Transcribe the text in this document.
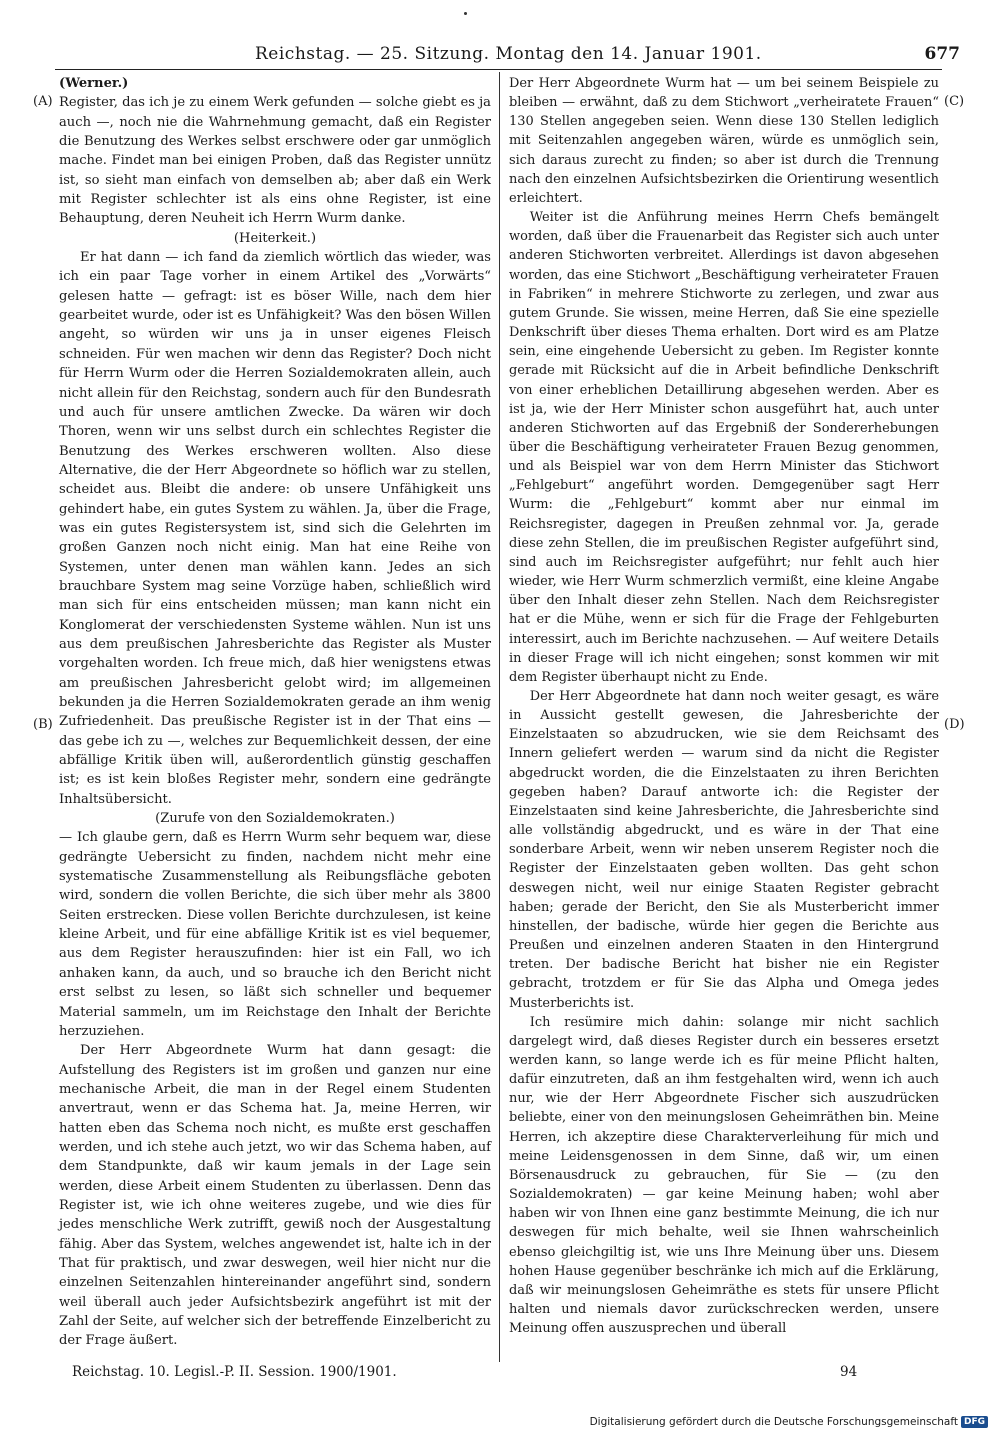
Reichstag. — 25. Sitzung. Montag den 14. Januar 1901.	677
(A)
(B)
(C)
(D)

(Werner.)

Register, das ich je zu einem Werk gefunden — solche giebt es ja auch —, noch nie die Wahrnehmung gemacht, daß ein Register die Benutzung des Werkes selbst erschwere oder gar unmöglich mache. Findet man bei einigen Proben, daß das Register unnütz ist, so sieht man einfach von demselben ab; aber daß ein Werk mit Register schlechter ist als eins ohne Register, ist eine Behauptung, deren Neuheit ich Herrn Wurm danke.

(Heiterkeit.)

Er hat dann — ich fand da ziemlich wörtlich das wieder, was ich ein paar Tage vorher in einem Artikel des „Vorwärts“ gelesen hatte — gefragt: ist es böser Wille, nach dem hier gearbeitet wurde, oder ist es Unfähigkeit? Was den bösen Willen angeht, so würden wir uns ja in unser eigenes Fleisch schneiden. Für wen machen wir denn das Register? Doch nicht für Herrn Wurm oder die Herren Sozialdemokraten allein, auch nicht allein für den Reichstag, sondern auch für den Bundesrath und auch für unsere amtlichen Zwecke. Da wären wir doch Thoren, wenn wir uns selbst durch ein schlechtes Register die Benutzung des Werkes erschweren wollten. Also diese Alternative, die der Herr Abgeordnete so höflich war zu stellen, scheidet aus. Bleibt die andere: ob unsere Unfähigkeit uns gehindert habe, ein gutes System zu wählen. Ja, über die Frage, was ein gutes Registersystem ist, sind sich die Gelehrten im großen Ganzen noch nicht einig. Man hat eine Reihe von Systemen, unter denen man wählen kann. Jedes an sich brauchbare System mag seine Vorzüge haben, schließlich wird man sich für eins entscheiden müssen; man kann nicht ein Konglomerat der verschiedensten Systeme wählen. Nun ist uns aus dem preußischen Jahresberichte das Register als Muster vorgehalten worden. Ich freue mich, daß hier wenigstens etwas am preußischen Jahresbericht gelobt wird; im allgemeinen bekunden ja die Herren Sozialdemokraten gerade an ihm wenig Zufriedenheit. Das preußische Register ist in der That eins — das gebe ich zu —, welches zur Bequemlichkeit dessen, der eine abfällige Kritik üben will, außerordentlich günstig geschaffen ist; es ist kein bloßes Register mehr, sondern eine gedrängte Inhaltsübersicht.

(Zurufe von den Sozialdemokraten.)

— Ich glaube gern, daß es Herrn Wurm sehr bequem war, diese gedrängte Uebersicht zu finden, nachdem nicht mehr eine systematische Zusammenstellung als Reibungsfläche geboten wird, sondern die vollen Berichte, die sich über mehr als 3800 Seiten erstrecken. Diese vollen Berichte durchzulesen, ist keine kleine Arbeit, und für eine abfällige Kritik ist es viel bequemer, aus dem Register herauszufinden: hier ist ein Fall, wo ich anhaken kann, da auch, und so brauche ich den Bericht nicht erst selbst zu lesen, so läßt sich schneller und bequemer Material sammeln, um im Reichstage den Inhalt der Berichte herzuziehen.

Der Herr Abgeordnete Wurm hat dann gesagt: die Aufstellung des Registers ist im großen und ganzen nur eine mechanische Arbeit, die man in der Regel einem Studenten anvertraut, wenn er das Schema hat. Ja, meine Herren, wir hatten eben das Schema noch nicht, es mußte erst geschaffen werden, und ich stehe auch jetzt, wo wir das Schema haben, auf dem Standpunkte, daß wir kaum jemals in der Lage sein werden, diese Arbeit einem Studenten zu überlassen. Denn das Register ist, wie ich ohne weiteres zugebe, und wie dies für jedes menschliche Werk zutrifft, gewiß noch der Ausgestaltung fähig. Aber das System, welches angewendet ist, halte ich in der That für praktisch, und zwar deswegen, weil hier nicht nur die einzelnen Seitenzahlen hintereinander angeführt sind, sondern weil überall auch jeder Aufsichtsbezirk angeführt ist mit der Zahl der Seite, auf welcher sich der betreffende Einzelbericht zu der Frage äußert.

Der Herr Abgeordnete Wurm hat — um bei seinem Beispiele zu bleiben — erwähnt, daß zu dem Stichwort „verheiratete Frauen“ 130 Stellen angegeben seien. Wenn diese 130 Stellen lediglich mit Seitenzahlen angegeben wären, würde es unmöglich sein, sich daraus zurecht zu finden; so aber ist durch die Trennung nach den einzelnen Aufsichtsbezirken die Orientirung wesentlich erleichtert.

Weiter ist die Anführung meines Herrn Chefs bemängelt worden, daß über die Frauenarbeit das Register sich auch unter anderen Stichworten verbreitet. Allerdings ist davon abgesehen worden, das eine Stichwort „Beschäftigung verheirateter Frauen in Fabriken“ in mehrere Stichworte zu zerlegen, und zwar aus gutem Grunde. Sie wissen, meine Herren, daß Sie eine spezielle Denkschrift über dieses Thema erhalten. Dort wird es am Platze sein, eine eingehende Uebersicht zu geben. Im Register konnte gerade mit Rücksicht auf die in Arbeit befindliche Denkschrift von einer erheblichen Detaillirung abgesehen werden. Aber es ist ja, wie der Herr Minister schon ausgeführt hat, auch unter anderen Stichworten auf das Ergebniß der Sondererhebungen über die Beschäftigung verheirateter Frauen Bezug genommen, und als Beispiel war von dem Herrn Minister das Stichwort „Fehlgeburt“ angeführt worden. Demgegenüber sagt Herr Wurm: die „Fehlgeburt“ kommt aber nur einmal im Reichsregister, dagegen in Preußen zehnmal vor. Ja, gerade diese zehn Stellen, die im preußischen Register aufgeführt sind, sind auch im Reichsregister aufgeführt; nur fehlt auch hier wieder, wie Herr Wurm schmerzlich vermißt, eine kleine Angabe über den Inhalt dieser zehn Stellen. Nach dem Reichsregister hat er die Mühe, wenn er sich für die Frage der Fehlgeburten interessirt, auch im Berichte nachzusehen. — Auf weitere Details in dieser Frage will ich nicht eingehen; sonst kommen wir mit dem Register überhaupt nicht zu Ende.

Der Herr Abgeordnete hat dann noch weiter gesagt, es wäre in Aussicht gestellt gewesen, die Jahresberichte der Einzelstaaten so abzudrucken, wie sie dem Reichsamt des Innern geliefert werden — warum sind da nicht die Register abgedruckt worden, die die Einzelstaaten zu ihren Berichten gegeben haben? Darauf antworte ich: die Register der Einzelstaaten sind keine Jahresberichte, die Jahresberichte sind alle vollständig abgedruckt, und es wäre in der That eine sonderbare Arbeit, wenn wir neben unserem Register noch die Register der Einzelstaaten geben wollten. Das geht schon deswegen nicht, weil nur einige Staaten Register gebracht haben; gerade der Bericht, den Sie als Musterbericht immer hinstellen, der badische, würde hier gegen die Berichte aus Preußen und einzelnen anderen Staaten in den Hintergrund treten. Der badische Bericht hat bisher nie ein Register gebracht, trotzdem er für Sie das Alpha und Omega jedes Musterberichts ist.

Ich resümire mich dahin: solange mir nicht sachlich dargelegt wird, daß dieses Register durch ein besseres ersetzt werden kann, so lange werde ich es für meine Pflicht halten, dafür einzutreten, daß an ihm festgehalten wird, wenn ich auch nur, wie der Herr Abgeordnete Fischer sich auszudrücken beliebte, einer von den meinungslosen Geheimräthen bin. Meine Herren, ich akzeptire diese Charakterverleihung für mich und meine Leidensgenossen in dem Sinne, daß wir, um einen Börsenausdruck zu gebrauchen, für Sie — (zu den Sozialdemokraten) — gar keine Meinung haben; wohl aber haben wir von Ihnen eine ganz bestimmte Meinung, die ich nur deswegen für mich behalte, weil sie Ihnen wahrscheinlich ebenso gleichgiltig ist, wie uns Ihre Meinung über uns. Diesem hohen Hause gegenüber beschränke ich mich auf die Erklärung, daß wir meinungslosen Geheimräthe es stets für unsere Pflicht halten und niemals davor zurückschrecken werden, unsere Meinung offen auszusprechen und überall

Reichstag. 10. Legisl.-P. II. Session. 1900/1901.	94
Digitalisierung gefördert durch die Deutsche Forschungsgemeinschaft DFG
